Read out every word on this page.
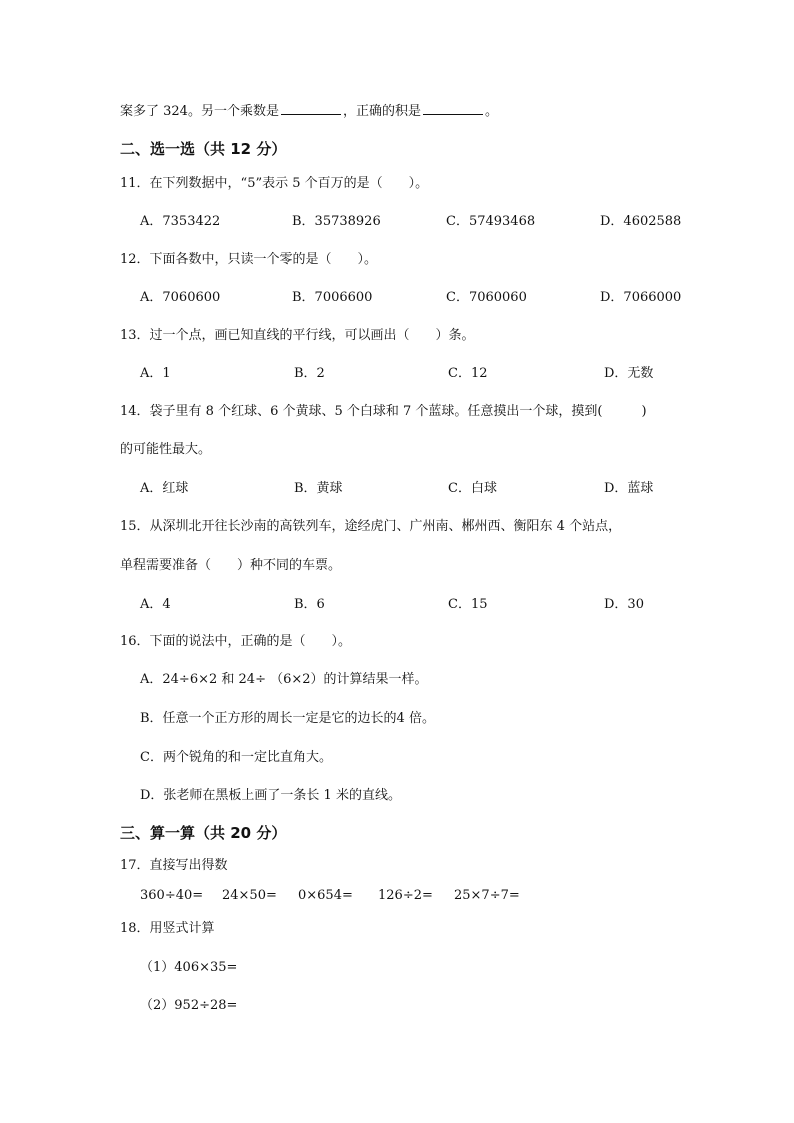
案多了 324。另一个乘数是	，正确的积是	。
二、选一选（共 12 分）
11．在下列数据中，“5”表示 5 个百万的是（　　）。
A．7353422	B．35738926	C．57493468	D．4602588
12．下面各数中，只读一个零的是（　　）。
A．7060600	B．7006600	C．7060060	D．7066000
13．过一个点，画已知直线的平行线，可以画出（　　）条。
A．1	B．2	C．12	D．无数
14．袋子里有 8 个红球、6 个黄球、5 个白球和 7 个蓝球。任意摸出一个球，摸到(　　　)
的可能性最大。
A．红球	B．黄球	C．白球	D．蓝球
15．从深圳北开往长沙南的高铁列车，途经虎门、广州南、郴州西、衡阳东 4 个站点，
单程需要准备（　　）种不同的车票。
A．4	B．6	C．15	D．30
16．下面的说法中，正确的是（　　）。
A．24÷6×2 和 24÷ （6×2）的计算结果一样。
B．任意一个正方形的周长一定是它的边长的4 倍。
C．两个锐角的和一定比直角大。
D．张老师在黑板上画了一条长 1 米的直线。
三、算一算（共 20 分）
17．直接写出得数
360÷40= 24×50= 0×654= 126÷2= 25×7÷7=
18．用竖式计算
（1）406×35=
（2）952÷28=
